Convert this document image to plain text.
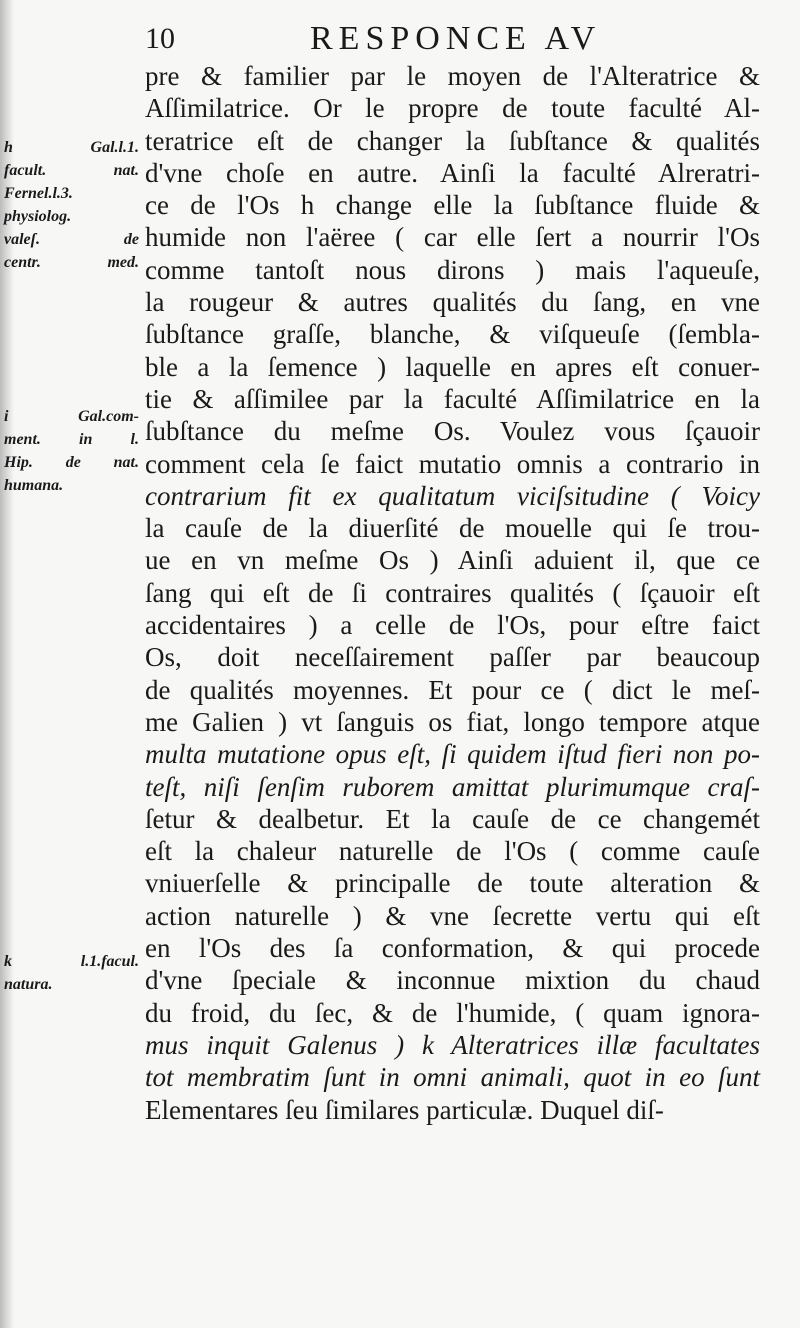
10	RESPONCE AV
h Gal.l.1.
facult. nat.
Fernel.l.3.
physiolog.
valeſ. de
centr. med.
i Gal.com-
ment. in l.
Hip. de nat.
humana.
k l.1.facul.
natura.
pre & familier par le moyen de l'Alteratrice &
Aſſimilatrice. Or le propre de toute faculté Al-
teratrice eſt de changer la ſubſtance & qualités
d'vne choſe en autre. Ainſi la faculté Alreratri-
ce de l'Os h change elle la ſubſtance fluide &
humide non l'aëree ( car elle ſert a nourrir l'Os
comme tantoſt nous dirons ) mais l'aqueuſe,
la rougeur & autres qualités du ſang, en vne
ſubſtance graſſe, blanche, & viſqueuſe (ſembla-
ble a la ſemence ) laquelle en apres eſt conuer-
tie & aſſimilee par la faculté Aſſimilatrice en la
ſubſtance du meſme Os. Voulez vous ſçauoir
comment cela ſe faict mutatio omnis a contrario in
contrarium fit ex qualitatum viciſsitudine ( Voicy
la cauſe de la diuerſité de mouelle qui ſe trou-
ue en vn meſme Os ) Ainſi aduient il, que ce
ſang qui eſt de ſi contraires qualités ( ſçauoir eſt
accidentaires ) a celle de l'Os, pour eſtre faict
Os, doit neceſſairement paſſer par beaucoup
de qualités moyennes. Et pour ce ( dict le meſ-
me Galien ) vt ſanguis os fiat, longo tempore atque
multa mutatione opus eſt, ſi quidem iſtud fieri non po-
teſt, niſi ſenſim ruborem amittat plurimumque craſ-
ſetur & dealbetur. Et la cauſe de ce changemét
eſt la chaleur naturelle de l'Os ( comme cauſe
vniuerſelle & principalle de toute alteration &
action naturelle ) & vne ſecrette vertu qui eſt
en l'Os des ſa conformation, & qui procede
d'vne ſpeciale & inconnue mixtion du chaud
du froid, du ſec, & de l'humide, ( quam ignora-
mus inquit Galenus ) k Alteratrices illæ facultates
tot membratim ſunt in omni animali, quot in eo ſunt
Elementares ſeu ſimilares particulæ. Duquel diſ-
